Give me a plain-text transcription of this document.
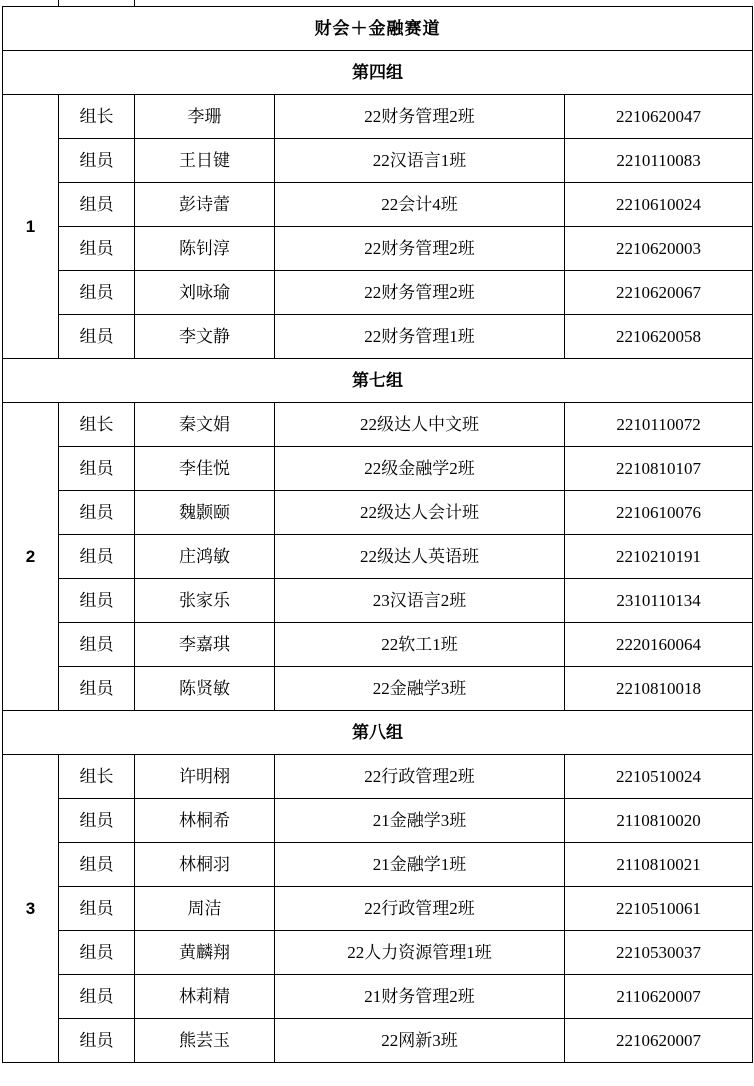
财会＋金融赛道				
第四组				
1	组长	李珊	22财务管理2班	2210620047
	组员	王日键	22汉语言1班	2210110083
	组员	彭诗蕾	22会计4班	2210610024
	组员	陈钊淳	22财务管理2班	2210620003
	组员	刘咏瑜	22财务管理2班	2210620067
	组员	李文静	22财务管理1班	2210620058
第七组				
2	组长	秦文娟	22级达人中文班	2210110072
	组员	李佳悦	22级金融学2班	2210810107
	组员	魏颢颐	22级达人会计班	2210610076
	组员	庄鸿敏	22级达人英语班	2210210191
	组员	张家乐	23汉语言2班	2310110134
	组员	李嘉琪	22软工1班	2220160064
	组员	陈贤敏	22金融学3班	2210810018
第八组				
3	组长	许明栩	22行政管理2班	2210510024
	组员	林桐希	21金融学3班	2110810020
	组员	林桐羽	21金融学1班	2110810021
	组员	周洁	22行政管理2班	2210510061
	组员	黄麟翔	22人力资源管理1班	2210530037
	组员	林莉精	21财务管理2班	2110620007
	组员	熊芸玉	22网新3班	2210620007
